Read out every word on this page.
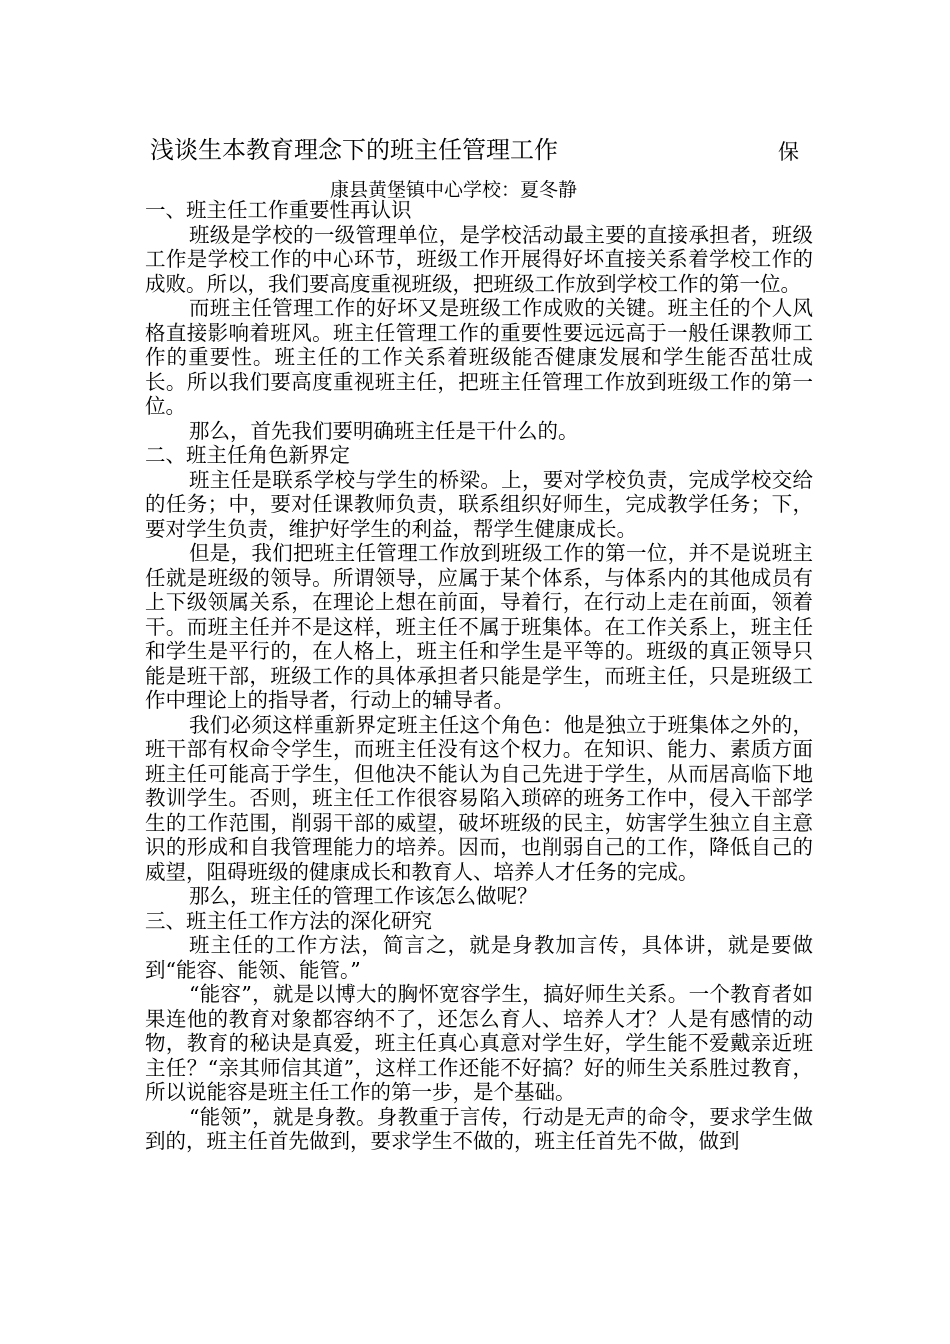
浅谈生本教育理念下的班主任管理工作	保
康县黄堡镇中心学校：夏冬静

一、班主任工作重要性再认识

班级是学校的一级管理单位，是学校活动最主要的直接承担者，班级工作是学校工作的中心环节，班级工作开展得好坏直接关系着学校工作的成败。所以，我们要高度重视班级，把班级工作放到学校工作的第一位。

而班主任管理工作的好坏又是班级工作成败的关键。班主任的个人风格直接影响着班风。班主任管理工作的重要性要远远高于一般任课教师工作的重要性。班主任的工作关系着班级能否健康发展和学生能否茁壮成长。所以我们要高度重视班主任，把班主任管理工作放到班级工作的第一位。

那么，首先我们要明确班主任是干什么的。

二、班主任角色新界定

班主任是联系学校与学生的桥梁。上，要对学校负责，完成学校交给的任务；中，要对任课教师负责，联系组织好师生，完成教学任务；下，要对学生负责，维护好学生的利益，帮学生健康成长。

但是，我们把班主任管理工作放到班级工作的第一位，并不是说班主任就是班级的领导。所谓领导，应属于某个体系，与体系内的其他成员有上下级领属关系，在理论上想在前面，导着行，在行动上走在前面，领着干。而班主任并不是这样，班主任不属于班集体。在工作关系上，班主任和学生是平行的，在人格上，班主任和学生是平等的。班级的真正领导只能是班干部，班级工作的具体承担者只能是学生，而班主任，只是班级工作中理论上的指导者，行动上的辅导者。

我们必须这样重新界定班主任这个角色：他是独立于班集体之外的，班干部有权命令学生，而班主任没有这个权力。在知识、能力、素质方面班主任可能高于学生，但他决不能认为自己先进于学生，从而居高临下地教训学生。否则，班主任工作很容易陷入琐碎的班务工作中，侵入干部学生的工作范围，削弱干部的威望，破坏班级的民主，妨害学生独立自主意识的形成和自我管理能力的培养。因而，也削弱自己的工作，降低自己的威望，阻碍班级的健康成长和教育人、培养人才任务的完成。

那么，班主任的管理工作该怎么做呢？

三、班主任工作方法的深化研究

班主任的工作方法，简言之，就是身教加言传，具体讲，就是要做到“能容、能领、能管。”

“能容”，就是以博大的胸怀宽容学生，搞好师生关系。一个教育者如果连他的教育对象都容纳不了，还怎么育人、培养人才？人是有感情的动物，教育的秘诀是真爱，班主任真心真意对学生好，学生能不爱戴亲近班主任？“亲其师信其道”，这样工作还能不好搞？好的师生关系胜过教育，所以说能容是班主任工作的第一步，是个基础。

“能领”，就是身教。身教重于言传，行动是无声的命令，要求学生做到的，班主任首先做到，要求学生不做的，班主任首先不做，做到
